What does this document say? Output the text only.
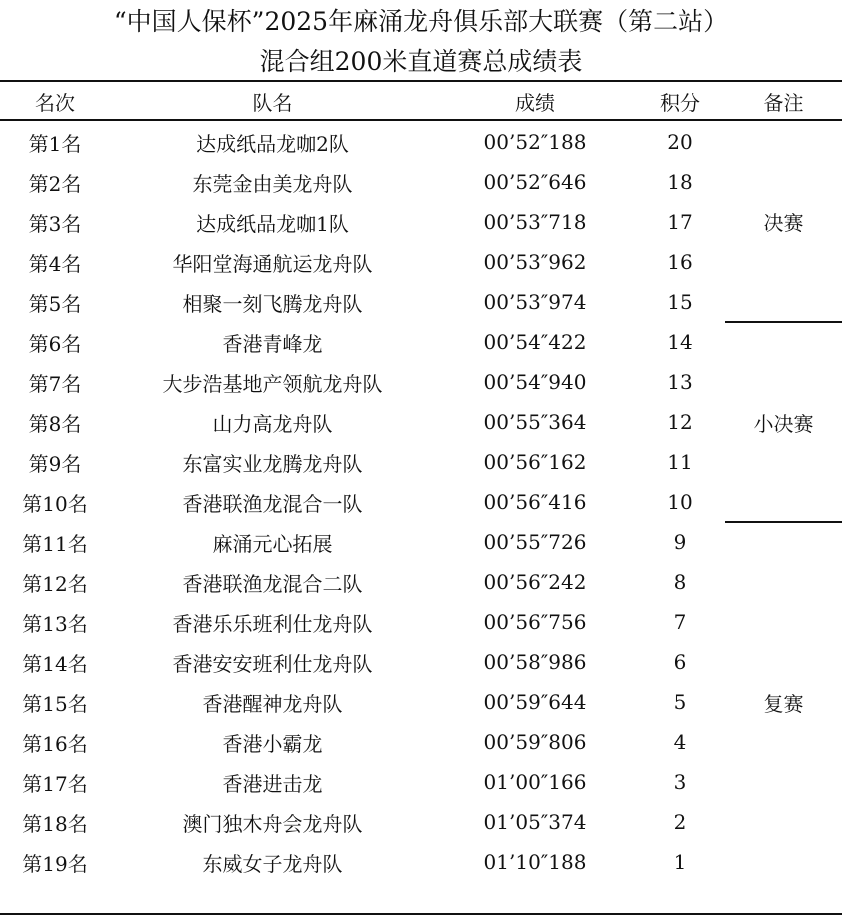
“中国人保杯”2025年麻涌龙舟俱乐部大联赛（第二站）
混合组200米直道赛总成绩表
名次	队名	成绩	积分	备注
第1名	达成纸品龙咖2队	00’52″188	20	决赛
第2名	东莞金由美龙舟队	00’52″646	18	
第3名	达成纸品龙咖1队	00’53″718	17	
第4名	华阳堂海通航运龙舟队	00’53″962	16	
第5名	相聚一刻飞腾龙舟队	00’53″974	15	
第6名	香港青峰龙	00’54″422	14	小决赛
第7名	大步浩基地产领航龙舟队	00’54″940	13	
第8名	山力高龙舟队	00’55″364	12	
第9名	东富实业龙腾龙舟队	00’56″162	11	
第10名	香港联渔龙混合一队	00’56″416	10	
第11名	麻涌元心拓展	00’55″726	9	复赛
第12名	香港联渔龙混合二队	00’56″242	8	
第13名	香港乐乐班利仕龙舟队	00’56″756	7	
第14名	香港安安班利仕龙舟队	00’58″986	6	
第15名	香港醒神龙舟队	00’59″644	5	
第16名	香港小霸龙	00’59″806	4	
第17名	香港进击龙	01’00″166	3	
第18名	澳门独木舟会龙舟队	01’05″374	2	
第19名	东威女子龙舟队	01’10″188	1	
